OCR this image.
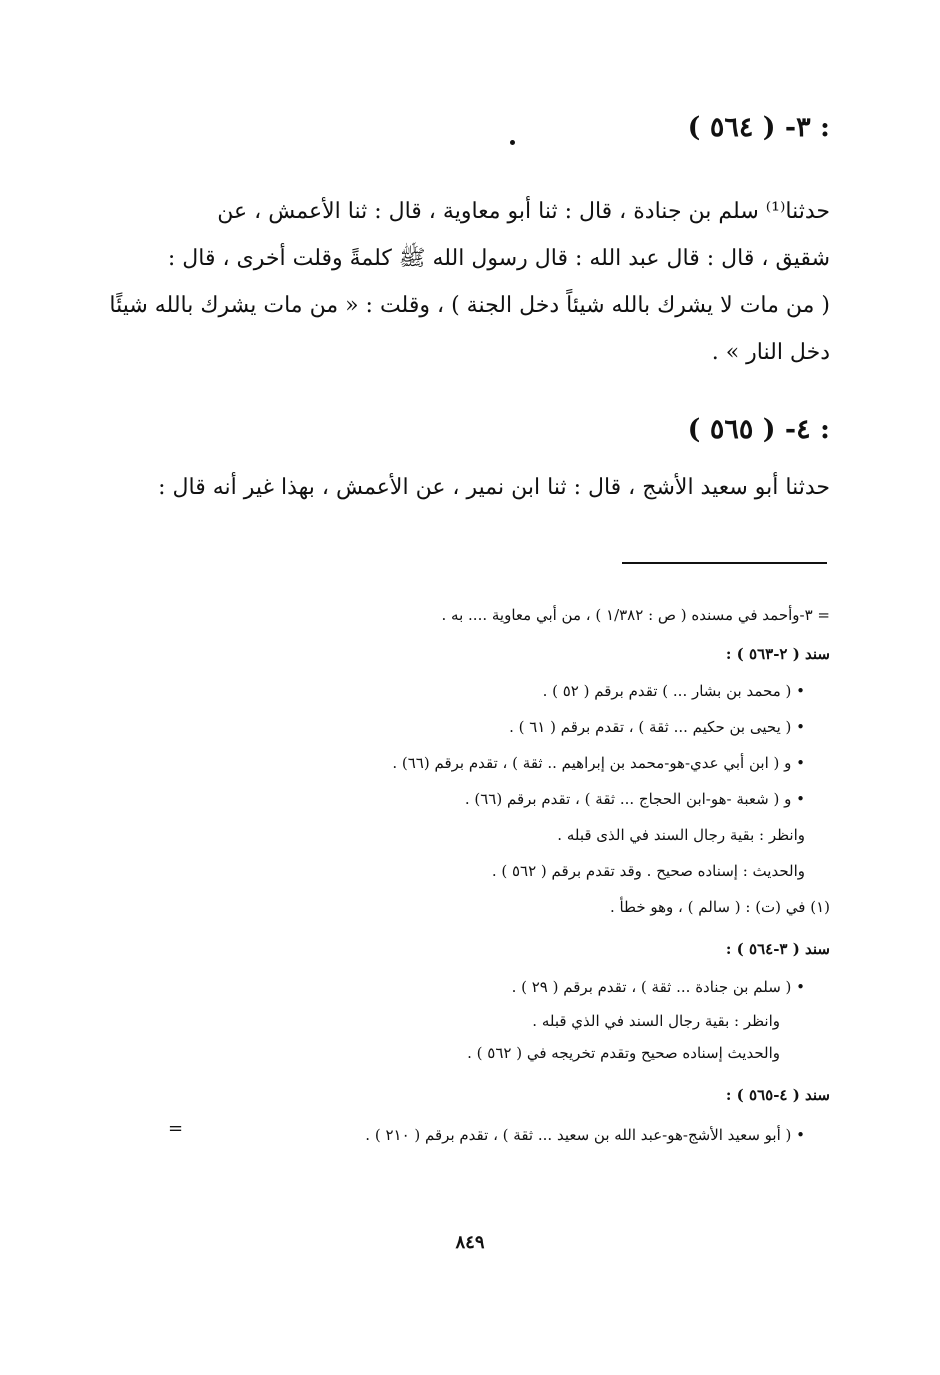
٣- ( ٥٦٤ ) :
حدثنا⁽¹⁾ سلم بن جنادة ، قال : ثنا أبو معاوية ، قال : ثنا الأعمش ، عن
شقيق ، قال : قال عبد الله : قال رسول الله ﷺ كلمةً وقلت أخرى ، قال :
( من مات لا يشرك بالله شيئاً دخل الجنة ) ، وقلت : « من مات يشرك بالله شيئًا
دخل النار » .
٤- ( ٥٦٥ ) :
حدثنا أبو سعيد الأشج ، قال : ثنا ابن نمير ، عن الأعمش ، بهذا غير أنه قال :
= ٣-وأحمد في مسنده ( ص : ١/٣٨٢ ) ، من أبي معاوية .... به .
سند ( ٢-٥٦٣ ) :
• ( محمد بن بشار ... ) تقدم برقم ( ٥٢ ) .
• ( يحيى بن حكيم ... ثقة ) ، تقدم برقم ( ٦١ ) .
• و ( ابن أبي عدي-هو-محمد بن إبراهيم .. ثقة ) ، تقدم برقم (٦٦) .
• و ( شعبة -هو-ابن الحجاج ... ثقة ) ، تقدم برقم (٦٦) .
وانظر : بقية رجال السند في الذى قبله .
والحديث : إسناده صحيح . وقد تقدم برقم ( ٥٦٢ ) .
(١) في (ت) : ( سالم ) ، وهو خطأ .
سند ( ٣-٥٦٤ ) :
• ( سلم بن جنادة ... ثقة ) ، تقدم برقم ( ٢٩ ) .
وانظر : بقية رجال السند في الذي قبله .
والحديث إسناده صحيح وتقدم تخريجه في ( ٥٦٢ ) .
سند ( ٤-٥٦٥ ) :
• ( أبو سعيد الأشج-هو-عبد الله بن سعيد ... ثقة ) ، تقدم برقم ( ٢١٠ ) .
=
٨٤٩
